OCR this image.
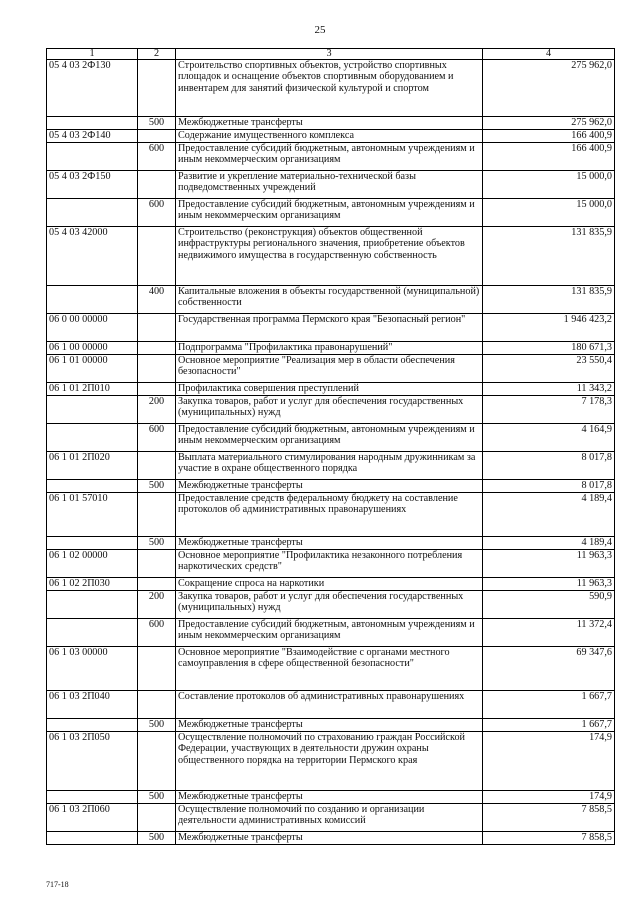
25
1	2	3	4
05 4 03 2Ф130		Строительство спортивных объектов, устройство спортивных площадок и оснащение объектов спортивным оборудованием и инвентарем для занятий физической культурой и спортом	275 962,0
	500	Межбюджетные трансферты	275 962,0
05 4 03 2Ф140		Содержание имущественного комплекса	166 400,9
	600	Предоставление субсидий бюджетным, автономным учреждениям и иным некоммерческим организациям	166 400,9
05 4 03 2Ф150		Развитие и укрепление материально-технической базы подведомственных учреждений	15 000,0
	600	Предоставление субсидий бюджетным, автономным учреждениям и иным некоммерческим организациям	15 000,0
05 4 03 42000		Строительство (реконструкция) объектов общественной инфраструктуры регионального значения, приобретение объектов недвижимого имущества в государственную собственность	131 835,9
	400	Капитальные вложения в объекты государственной (муниципальной) собственности	131 835,9
06 0 00 00000		Государственная программа Пермского края "Безопасный регион"	1 946 423,2
06 1 00 00000		Подпрограмма "Профилактика правонарушений"	180 671,3
06 1 01 00000		Основное мероприятие "Реализация мер в области обеспечения безопасности"	23 550,4
06 1 01 2П010		Профилактика совершения преступлений	11 343,2
	200	Закупка товаров, работ и услуг для обеспечения государственных (муниципальных) нужд	7 178,3
	600	Предоставление субсидий бюджетным, автономным учреждениям и иным некоммерческим организациям	4 164,9
06 1 01 2П020		Выплата материального стимулирования народным дружинникам за участие в охране общественного порядка	8 017,8
	500	Межбюджетные трансферты	8 017,8
06 1 01 57010		Предоставление средств федеральному бюджету на составление протоколов об административных правонарушениях	4 189,4
	500	Межбюджетные трансферты	4 189,4
06 1 02 00000		Основное мероприятие "Профилактика незаконного потребления наркотических средств"	11 963,3
06 1 02 2П030		Сокращение спроса на наркотики	11 963,3
	200	Закупка товаров, работ и услуг для обеспечения государственных (муниципальных) нужд	590,9
	600	Предоставление субсидий бюджетным, автономным учреждениям и иным некоммерческим организациям	11 372,4
06 1 03 00000		Основное мероприятие "Взаимодействие с органами местного самоуправления в сфере общественной безопасности"	69 347,6
06 1 03 2П040		Составление протоколов об административных правонарушениях	1 667,7
	500	Межбюджетные трансферты	1 667,7
06 1 03 2П050		Осуществление полномочий по страхованию граждан Российской Федерации, участвующих в деятельности дружин охраны общественного порядка на территории Пермского края	174,9
	500	Межбюджетные трансферты	174,9
06 1 03 2П060		Осуществление полномочий по созданию и организации деятельности административных комиссий	7 858,5
	500	Межбюджетные трансферты	7 858,5
717-18
